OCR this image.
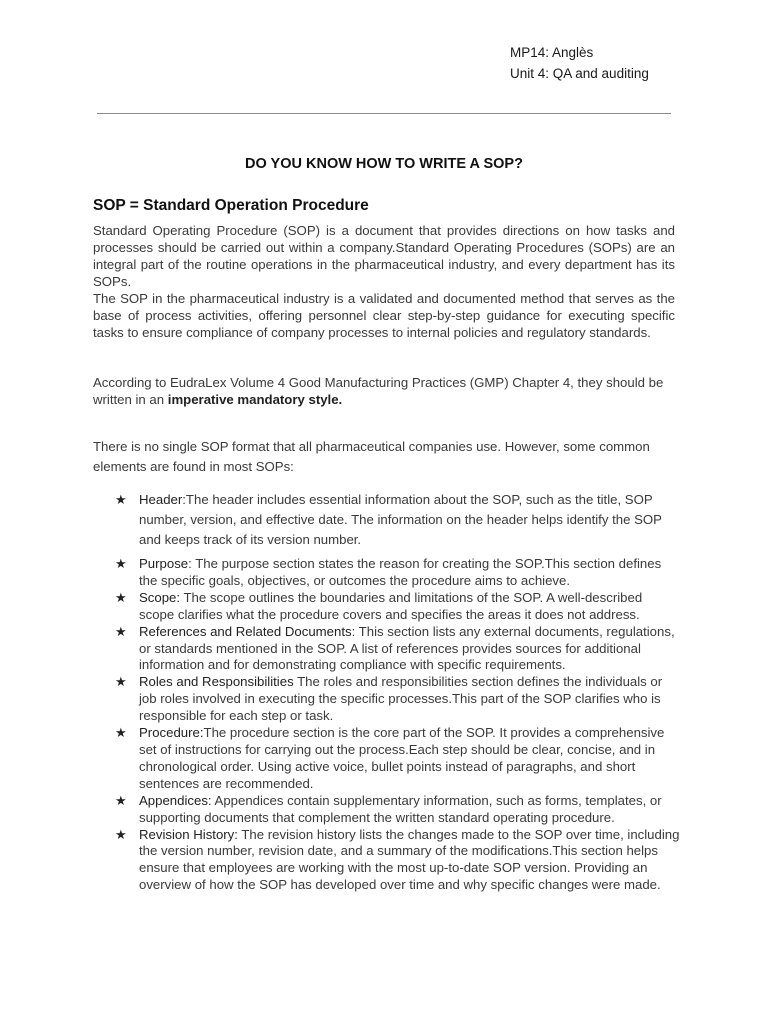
MP14: Anglès
Unit 4: QA and auditing
DO YOU KNOW HOW TO WRITE A SOP?
SOP = Standard Operation Procedure

Standard Operating Procedure (SOP) is a document that provides directions on how tasks and processes should be carried out within a company.Standard Operating Procedures (SOPs) are an integral part of the routine operations in the pharmaceutical industry, and every department has its SOPs.

The SOP in the pharmaceutical industry is a validated and documented method that serves as the base of process activities, offering personnel clear step-by-step guidance for executing specific tasks to ensure compliance of company processes to internal policies and regulatory standards.

According to EudraLex Volume 4 Good Manufacturing Practices (GMP) Chapter 4, they should be written in an imperative mandatory style.

There is no single SOP format that all pharmaceutical companies use. However, some common elements are found in most SOPs:

★ Header:The header includes essential information about the SOP, such as the title, SOP number, version, and effective date. The information on the header helps identify the SOP and keeps track of its version number.
★ Purpose: The purpose section states the reason for creating the SOP.This section defines the specific goals, objectives, or outcomes the procedure aims to achieve.
★ Scope: The scope outlines the boundaries and limitations of the SOP. A well-described scope clarifies what the procedure covers and specifies the areas it does not address.
★ References and Related Documents: This section lists any external documents, regulations, or standards mentioned in the SOP. A list of references provides sources for additional information and for demonstrating compliance with specific requirements.
★ Roles and Responsibilities The roles and responsibilities section defines the individuals or job roles involved in executing the specific processes.This part of the SOP clarifies who is responsible for each step or task.
★ Procedure:The procedure section is the core part of the SOP. It provides a comprehensive set of instructions for carrying out the process.Each step should be clear, concise, and in chronological order. Using active voice, bullet points instead of paragraphs, and short sentences are recommended.
★ Appendices: Appendices contain supplementary information, such as forms, templates, or supporting documents that complement the written standard operating procedure.
★ Revision History: The revision history lists the changes made to the SOP over time, including the version number, revision date, and a summary of the modifications.This section helps ensure that employees are working with the most up-to-date SOP version. Providing an overview of how the SOP has developed over time and why specific changes were made.
